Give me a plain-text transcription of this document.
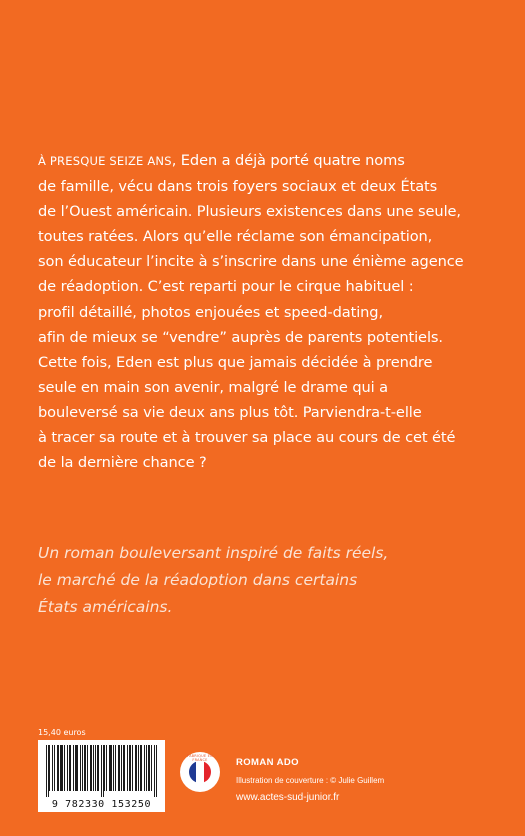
À PRESQUE SEIZE ANS, Eden a déjà porté quatre noms

de famille, vécu dans trois foyers sociaux et deux États

de l’Ouest américain. Plusieurs existences dans une seule,

toutes ratées. Alors qu’elle réclame son émancipation,

son éducateur l’incite à s’inscrire dans une énième agence

de réadoption. C’est reparti pour le cirque habituel :

profil détaillé, photos enjouées et speed-dating,

afin de mieux se “vendre” auprès de parents potentiels.

Cette fois, Eden est plus que jamais décidée à prendre

seule en main son avenir, malgré le drame qui a

bouleversé sa vie deux ans plus tôt. Parviendra-t-elle

à tracer sa route et à trouver sa place au cours de cet été

de la dernière chance ?

Un roman bouleversant inspiré de faits réels,

le marché de la réadoption dans certains

États américains.

15,40 euros
9 782330 153250
FABRIQUÉ EN FRANCE	ROMAN ADO
Illustration de couverture : © Julie Guillem
www.actes-sud-junior.fr
